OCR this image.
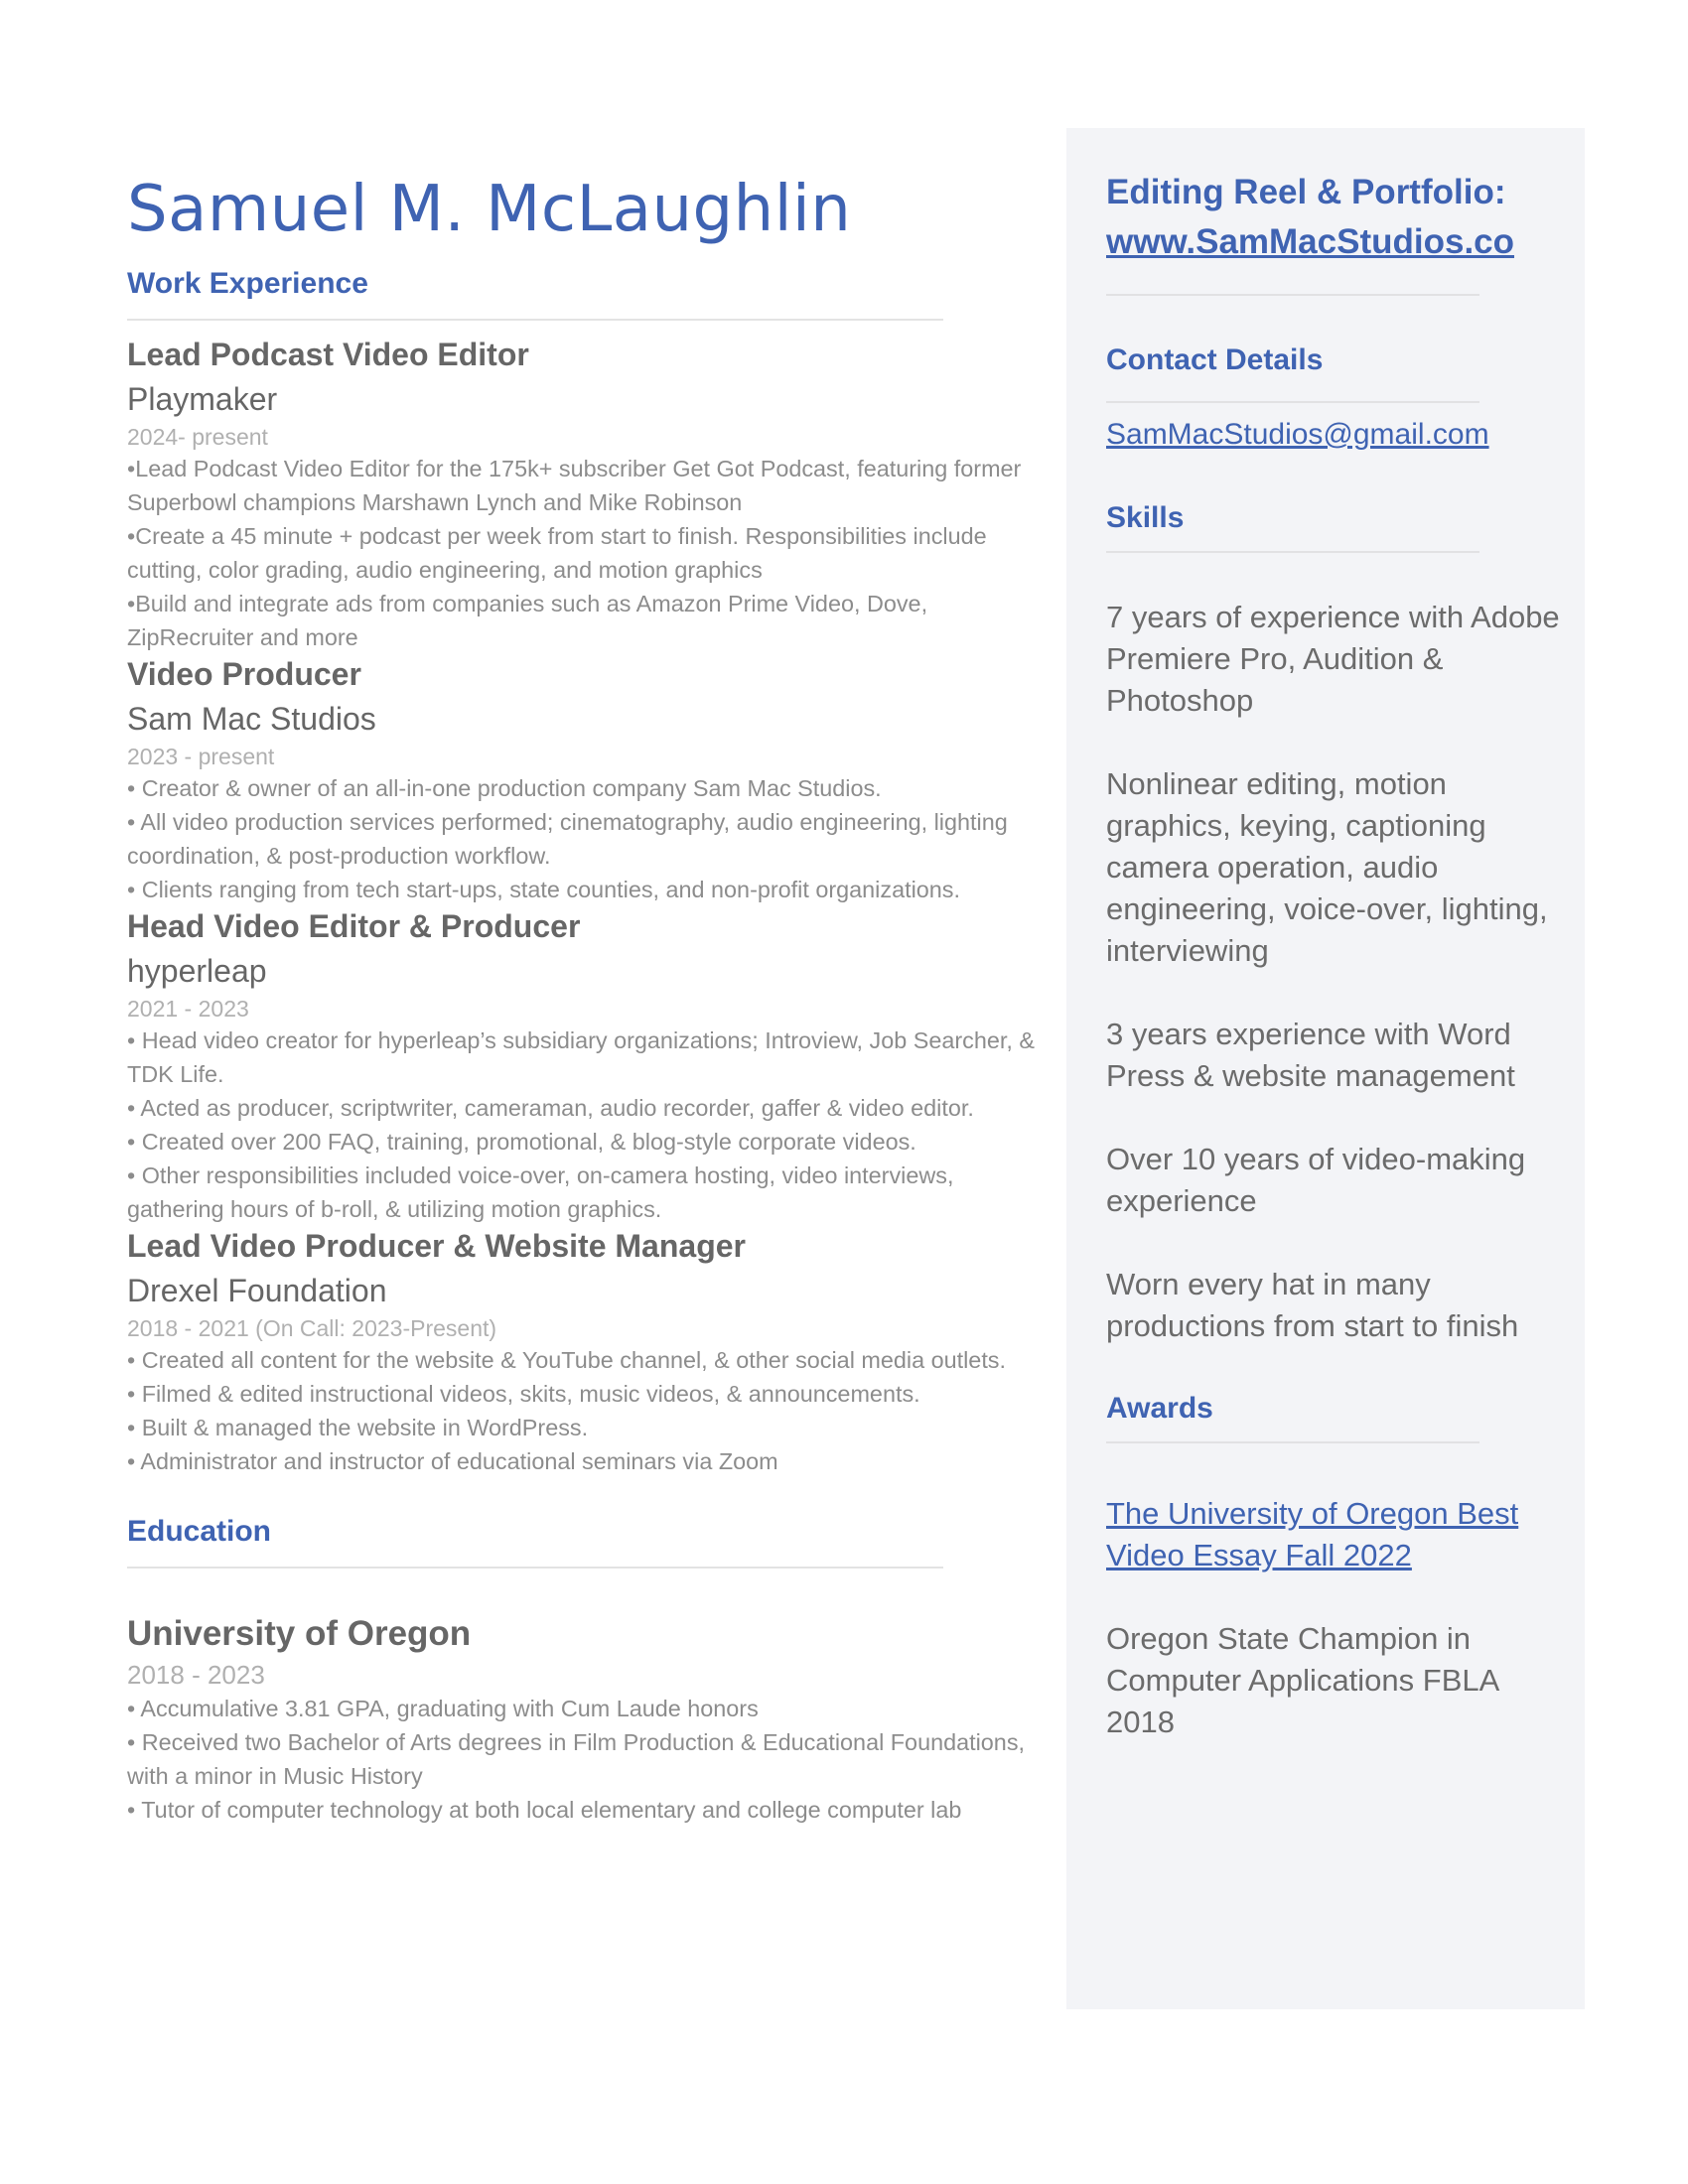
Samuel M. McLaughlin
Work Experience
Lead Podcast Video Editor
Playmaker
2024- present
•Lead Podcast Video Editor for the 175k+ subscriber Get Got Podcast, featuring former Superbowl champions Marshawn Lynch and Mike Robinson
•Create a 45 minute + podcast per week from start to finish. Responsibilities include cutting, color grading, audio engineering, and motion graphics
•Build and integrate ads from companies such as Amazon Prime Video, Dove, ZipRecruiter and more
Video Producer
Sam Mac Studios
2023 - present
• Creator & owner of an all-in-one production company Sam Mac Studios.
• All video production services performed; cinematography, audio engineering, lighting coordination, & post-production workflow.
• Clients ranging from tech start-ups, state counties, and non-profit organizations.
Head Video Editor & Producer
hyperleap
2021 - 2023
• Head video creator for hyperleap’s subsidiary organizations; Introview, Job Searcher, & TDK Life.
• Acted as producer, scriptwriter, cameraman, audio recorder, gaffer & video editor.
• Created over 200 FAQ, training, promotional, & blog-style corporate videos.
• Other responsibilities included voice-over, on-camera hosting, video interviews, gathering hours of b-roll, & utilizing motion graphics.
Lead Video Producer & Website Manager
Drexel Foundation
2018 - 2021 (On Call: 2023-Present)
• Created all content for the website & YouTube channel, & other social media outlets.
• Filmed & edited instructional videos, skits, music videos, & announcements.
• Built & managed the website in WordPress.
• Administrator and instructor of educational seminars via Zoom
Education
University of Oregon
2018 - 2023
• Accumulative 3.81 GPA, graduating with Cum Laude honors
• Received two Bachelor of Arts degrees in Film Production & Educational Foundations, with a minor in Music History
• Tutor of computer technology at both local elementary and college computer lab
Editing Reel & Portfolio:
www.SamMacStudios.co
Contact Details
SamMacStudios@gmail.com
Skills
7 years of experience with Adobe Premiere Pro, Audition & Photoshop
Nonlinear editing, motion graphics, keying, captioning camera operation, audio engineering, voice-over, lighting, interviewing
3 years experience with Word Press & website management
Over 10 years of video-making experience
Worn every hat in many productions from start to finish
Awards
The University of Oregon Best Video Essay Fall 2022
Oregon State Champion in Computer Applications FBLA 2018
